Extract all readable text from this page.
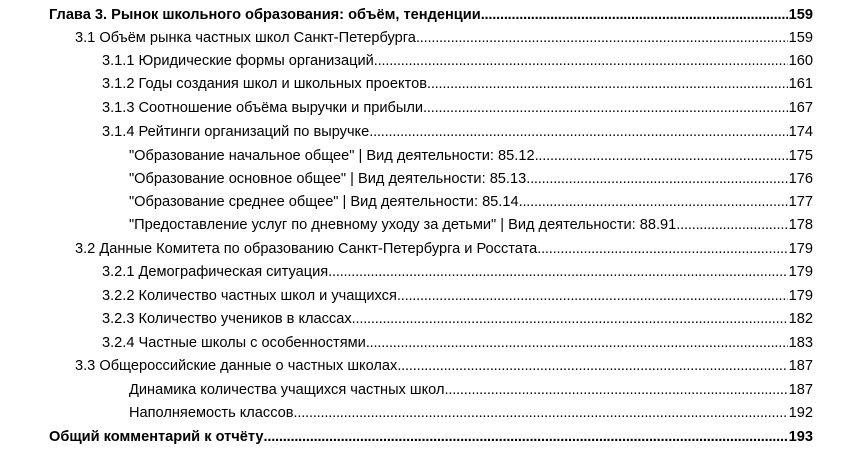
Глава 3. Рынок школьного образования: объём, тенденции .....	159
3.1 Объём рынка частных школ Санкт-Петербурга .....	159
3.1.1 Юридические формы организаций .....	160
3.1.2 Годы создания школ и школьных проектов .....	161
3.1.3 Соотношение объёма выручки и прибыли .....	167
3.1.4 Рейтинги организаций по выручке .....	174
"Образование начальное общее" | Вид деятельности: 85.12 .....	175
"Образование основное общее" | Вид деятельности: 85.13 .....	176
"Образование среднее общее" | Вид деятельности: 85.14 .....	177
"Предоставление услуг по дневному уходу за детьми" | Вид деятельности: 88.91 .....	178
3.2 Данные Комитета по образованию Санкт-Петербурга и Росстата .....	179
3.2.1 Демографическая ситуация .....	179
3.2.2 Количество частных школ и учащихся .....	179
3.2.3 Количество учеников в классах .....	182
3.2.4 Частные школы с особенностями .....	183
3.3 Общероссийские данные о частных школах .....	187
Динамика количества учащихся частных школ .....	187
Наполняемость классов .....	192
Общий комментарий к отчёту .....	193
